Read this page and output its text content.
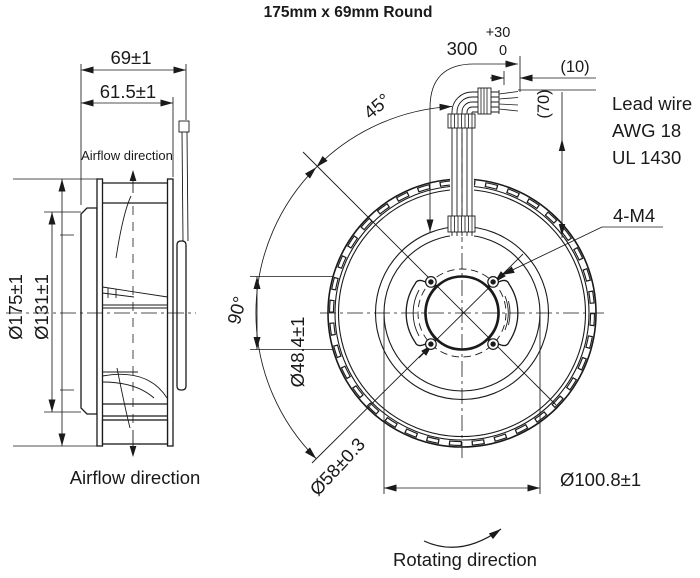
175mm x 69mm Round
69±1
61.5±1
Ø175±1 Ø131±1
Airflow direction
Airflow direction
300
+30
0
(10)
(70)
45°
90°
Lead wire
AWG 18
UL 1430
4-M4
Ø48.4±1
Ø58±0.3	Ø100.8±1
Rotating direction
